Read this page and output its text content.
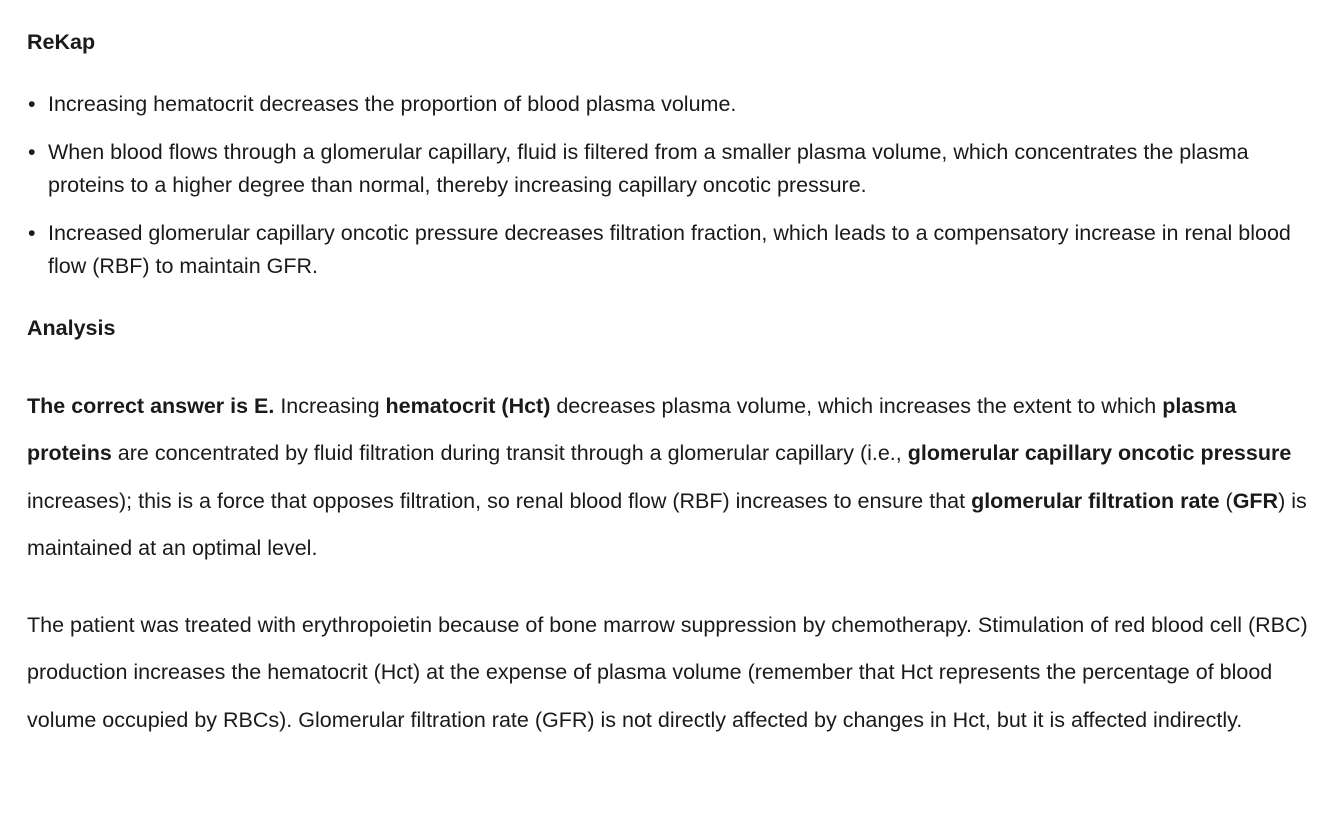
ReKap
• Increasing hematocrit decreases the proportion of blood plasma volume.
• When blood flows through a glomerular capillary, fluid is filtered from a smaller plasma volume, which concentrates the plasma proteins to a higher degree than normal, thereby increasing capillary oncotic pressure.
• Increased glomerular capillary oncotic pressure decreases filtration fraction, which leads to a compensatory increase in renal blood flow (RBF) to maintain GFR.
Analysis

The correct answer is E. Increasing hematocrit (Hct) decreases plasma volume, which increases the extent to which plasma proteins are concentrated by fluid filtration during transit through a glomerular capillary (i.e., glomerular capillary oncotic pressure increases); this is a force that opposes filtration, so renal blood flow (RBF) increases to ensure that glomerular filtration rate (GFR) is maintained at an optimal level.

The patient was treated with erythropoietin because of bone marrow suppression by chemotherapy. Stimulation of red blood cell (RBC) production increases the hematocrit (Hct) at the expense of plasma volume (remember that Hct represents the percentage of blood volume occupied by RBCs). Glomerular filtration rate (GFR) is not directly affected by changes in Hct, but it is affected indirectly.
